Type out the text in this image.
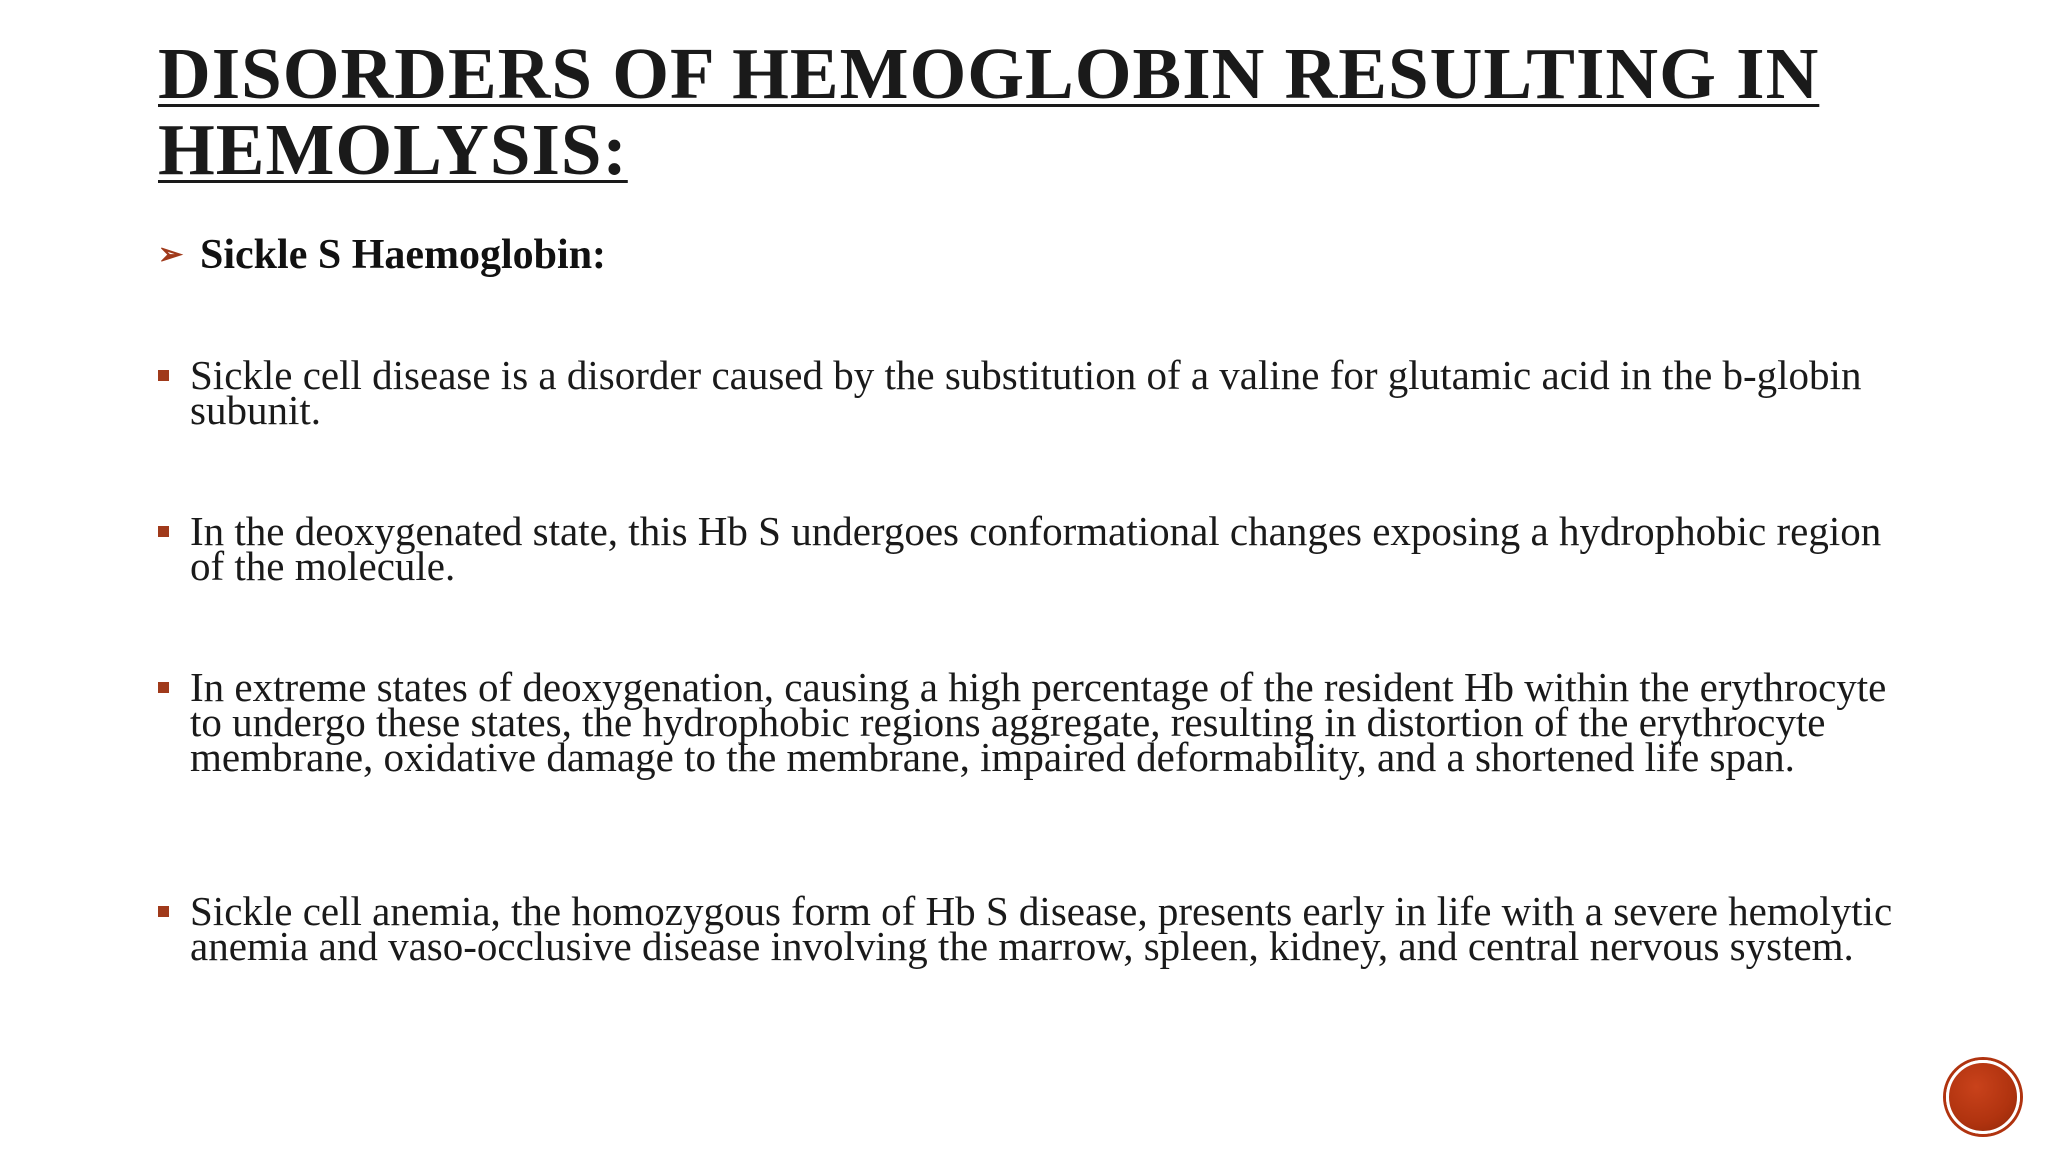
DISORDERS OF HEMOGLOBIN RESULTING IN HEMOLYSIS:
➢ Sickle S Haemoglobin:
Sickle cell disease is a disorder caused by the substitution of a valine for glutamic acid in the b-globin subunit.
In the deoxygenated state, this Hb S undergoes conformational changes exposing a hydrophobic region of the molecule.
In extreme states of deoxygenation, causing a high percentage of the resident Hb within the erythrocyte to undergo these states, the hydrophobic regions aggregate, resulting in distortion of the erythrocyte membrane, oxidative damage to the membrane, impaired deformability, and a shortened life span.
Sickle cell anemia, the homozygous form of Hb S disease, presents early in life with a severe hemolytic anemia and vaso-occlusive disease involving the marrow, spleen, kidney, and central nervous system.
